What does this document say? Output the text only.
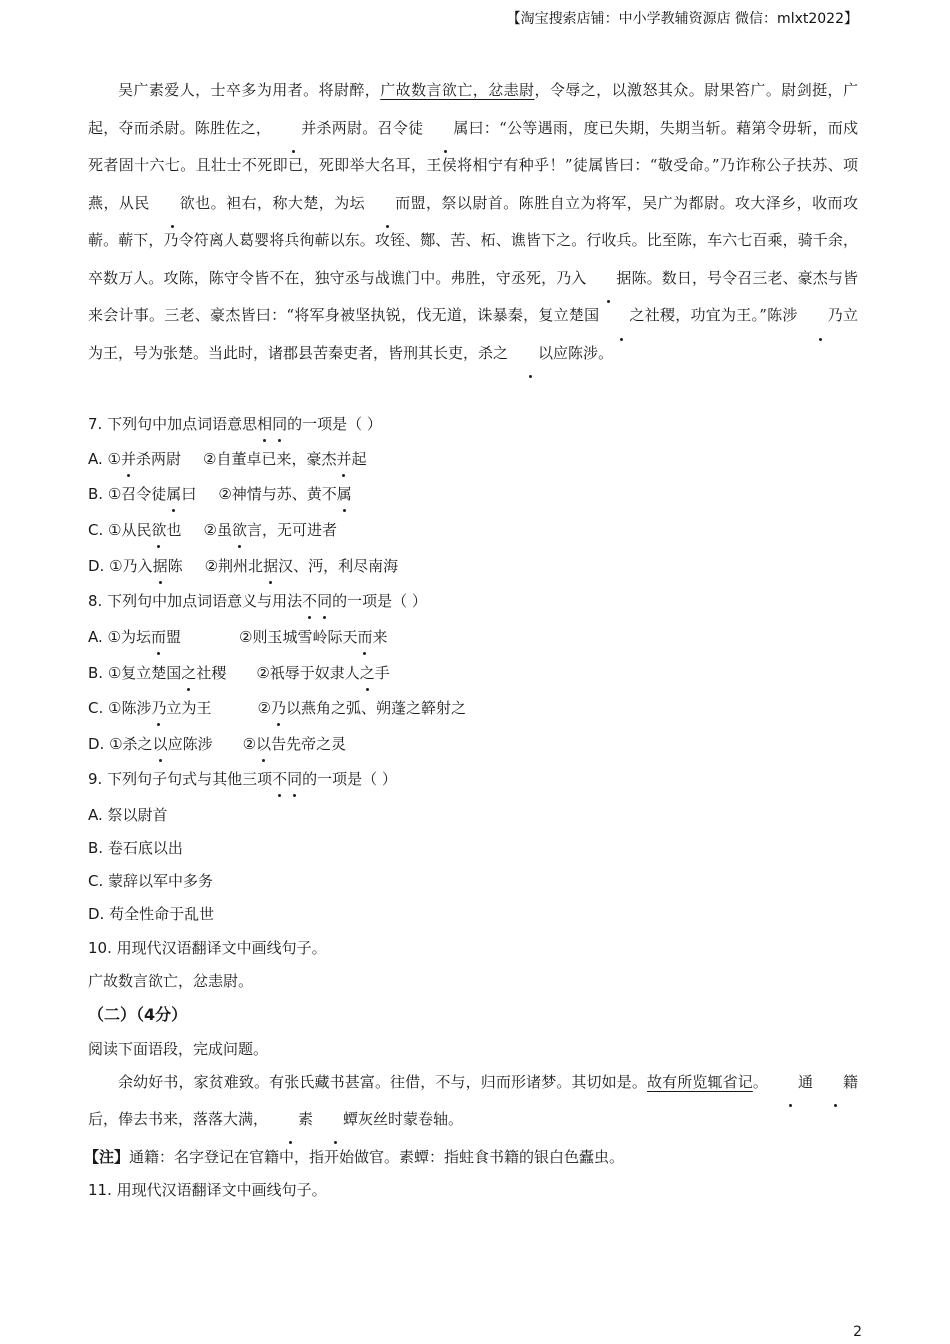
【淘宝搜索店铺：中小学教辅资源店 微信：mlxt2022】

吴广素爱人，士卒多为用者。将尉醉，广故数言欲亡，忿恚尉，令辱之，以激怒其众。尉果笞广。尉剑挺，广起，夺而杀尉。陈胜佐之， 并杀两尉。召令徒 属曰：“公等遇雨，度已失期，失期当斩。藉第令毋斩，而戍死者固十六七。且壮士不死即已，死即举大名耳，王侯将相宁有种乎！”徒属皆曰：“敬受命。”乃诈称公子扶苏、项燕，从民 欲也。袒右，称大楚，为坛 而盟，祭以尉首。陈胜自立为将军，吴广为都尉。攻大泽乡，收而攻蕲。蕲下，乃令符离人葛婴将兵徇蕲以东。攻铚、酂、苦、柘、谯皆下之。行收兵。比至陈，车六七百乘，骑千余，卒数万人。攻陈，陈守令皆不在，独守丞与战谯门中。弗胜，守丞死，乃入 据陈。数日，号令召三老、豪杰与皆来会计事。三老、豪杰皆曰：“将军身被坚执锐，伐无道，诛暴秦，复立楚国 之社稷，功宜为王。”陈涉 乃立为王，号为张楚。当此时，诸郡县苦秦吏者，皆刑其长吏，杀之 以应陈涉。

7. 下列句中加点词语意思相同的一项是（ ）
A. ①并杀两尉 ②自董卓已来，豪杰并起
B. ①召令徒属曰 ②神情与苏、黄不属
C. ①从民欲也 ②虽欲言，无可进者
D. ①乃入据陈 ②荆州北据汉、沔，利尽南海
8. 下列句中加点词语意义与用法不同的一项是（ ）
A. ①为坛而盟	②则玉城雪岭际天而来
B. ①复立楚国之社稷 ②祇辱于奴隶人之手
C. ①陈涉乃立为王	②乃以燕角之弧、朔蓬之簳射之
D. ①杀之以应陈涉 ②以告先帝之灵
9. 下列句子句式与其他三项不同的一项是（ ）
A. 祭以尉首
B. 卷石底以出
C. 蒙辞以军中多务
D. 苟全性命于乱世
10. 用现代汉语翻译文中画线句子。
广故数言欲亡，忿恚尉。
（二）（4分）
阅读下面语段，完成问题。

余幼好书，家贫难致。有张氏藏书甚富。往借，不与，归而形诸梦。其切如是。故有所览辄省记。 通 籍后，俸去书来，落落大满， 素 蟫灰丝时蒙卷轴。

【注】通籍：名字登记在官籍中，指开始做官。素蟫：指蛀食书籍的银白色蠹虫。
11. 用现代汉语翻译文中画线句子。
2
